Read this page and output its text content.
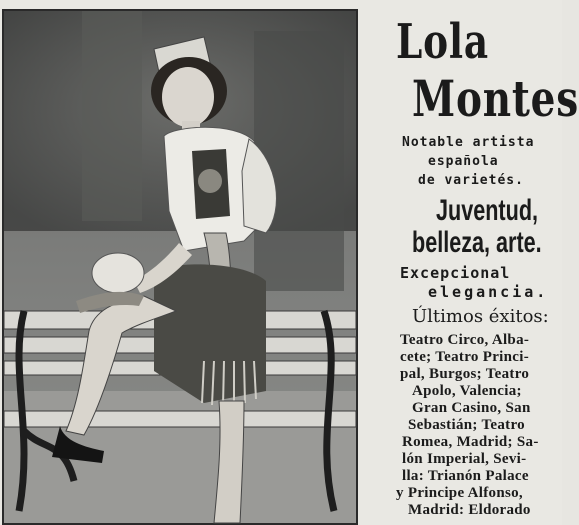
Lola
Montes
Notable artista
española
de varietés.
Juventud,
belleza, arte.
Excepcional
elegancia.
Últimos éxitos:
Teatro Circo, Alba-
cete; Teatro Princi-
pal, Burgos; Teatro
Apolo, Valencia;
Gran Casino, San
Sebastián; Teatro
Romea, Madrid; Sa-
lón Imperial, Sevi-
lla: Trianón Palace
y Principe Alfonso,
Madrid: Eldorado
